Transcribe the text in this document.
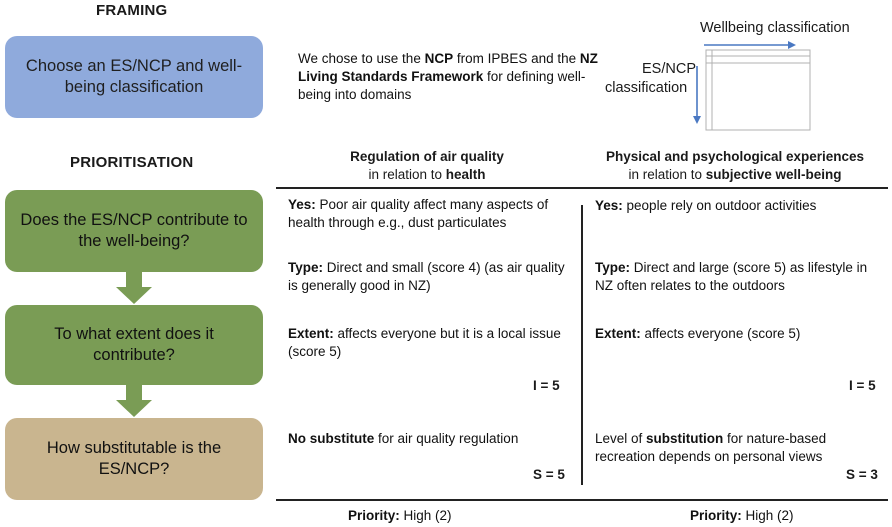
FRAMING
Choose an ES/NCP and well-being classification
We chose to use the NCP from IPBES and the NZ Living Standards Framework for defining well-being into domains
Wellbeing classification
ES/NCP
classification
PRIORITISATION
Does the ES/NCP contribute to the well-being?
To what extent does it contribute?
How substitutable is the ES/NCP?
Regulation of air quality
in relation to health
Physical and psychological experiences
in relation to subjective well-being
Yes: Poor air quality affect many aspects of health through e.g., dust particulates
Type: Direct and small (score 4) (as air quality is generally good in NZ)
Extent: affects everyone but it is a local issue (score 5)
I = 5
No substitute for air quality regulation
S = 5
Priority: High (2)
Yes: people rely on outdoor activities
Type: Direct and large (score 5) as lifestyle in NZ often relates to the outdoors
Extent: affects everyone (score 5)
I = 5
Level of substitution for nature-based recreation depends on personal views
S = 3
Priority: High (2)
